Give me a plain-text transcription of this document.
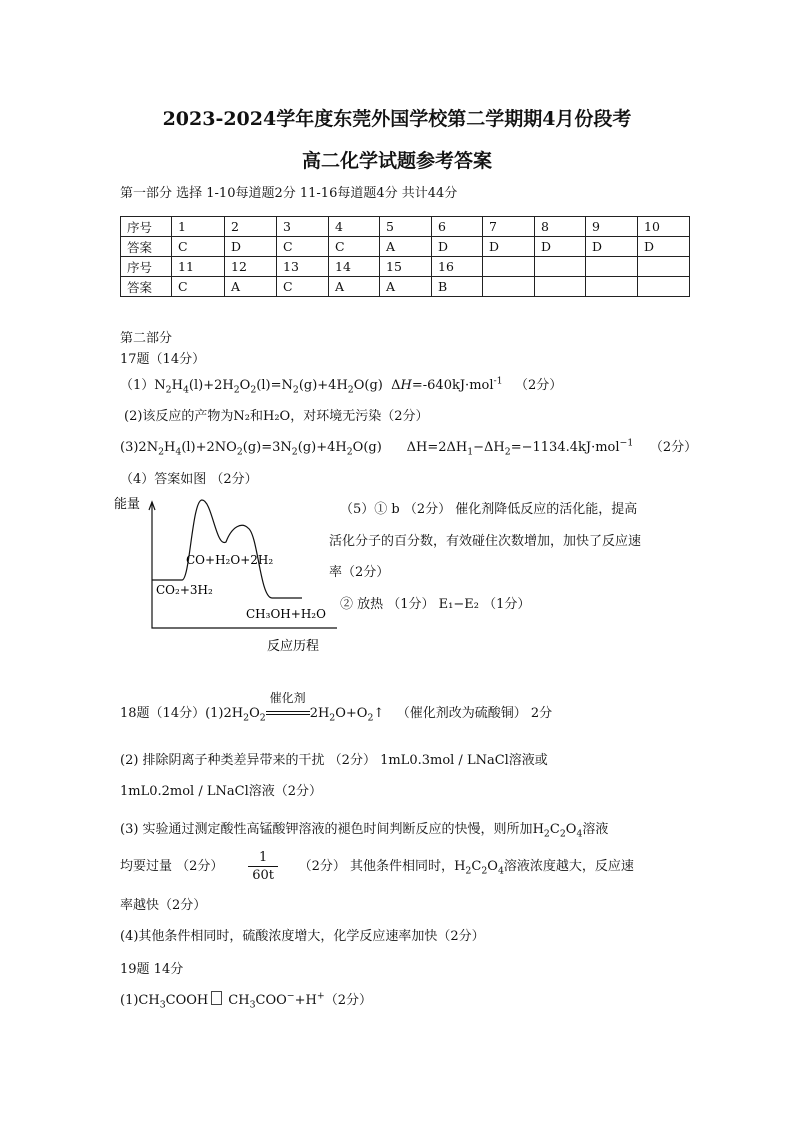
2023-2024学年度东莞外国学校第二学期期4月份段考
高二化学试题参考答案
第一部分 选择 1-10每道题2分 11-16每道题4分 共计44分
序号	1	2	3	4	5	6	7	8	9	10
答案	C	D	C	C	A	D	D	D	D	D
序号	11	12	13	14	15	16				
答案	C	A	C	A	A	B				
第二部分
17题（14分）
$(1)N_2H_4(l)+2H_2O_2(l)=N_2(g)+4H_2O(g)$  ΔH=-640kJ·mol$^{-1}$ （2分）
(2)该反应的产物为N₂和H₂O，对环境无污染（2分）
$(3)2N_2H_4(l)+2NO_2(g)=3N_2(g)+4H_2O(g)$      $\Delta H=2\Delta H_1-\Delta H_2=-1134.4kJ\cdot mol^{-1}$ （2分）
（4）答案如图 （2分）
能量
反应历程
CO+H₂O+2H₂
CO₂+3H₂
CH₃OH+H₂O
（5）① b （2分） 催化剂降低反应的活化能，提高
活化分子的百分数，有效碰住次数增加，加快了反应速
率（2分）
② 放热 （1分） E₁−E₂ （1分）
18题（14分）$(1)2H_2O_2$
催化剂
$2H_2O+O_2↑$   （催化剂改为硫酸铜） 2分
(2) 排除阴离子种类差异带来的干扰 （2分） 1mL0.3mol / LNaCl溶液或
1mL0.2mol / LNaCl溶液（2分）
(3) 实验通过测定酸性高锰酸钾溶液的褪色时间判断反应的快慢，则所加$H_2C_2O_4$溶液
均要过量 （2分） $\frac{1}{60t} (2$分） 其他条件相同时，$H_2C_2O_4$溶液浓度越大，反应速
率越快（2分）
(4)其他条件相同时，硫酸浓度增大，化学反应速率加快（2分）
19题 14分
$(1)CH_3COOH$ $CH_3COO^-+H^+(2$分）
